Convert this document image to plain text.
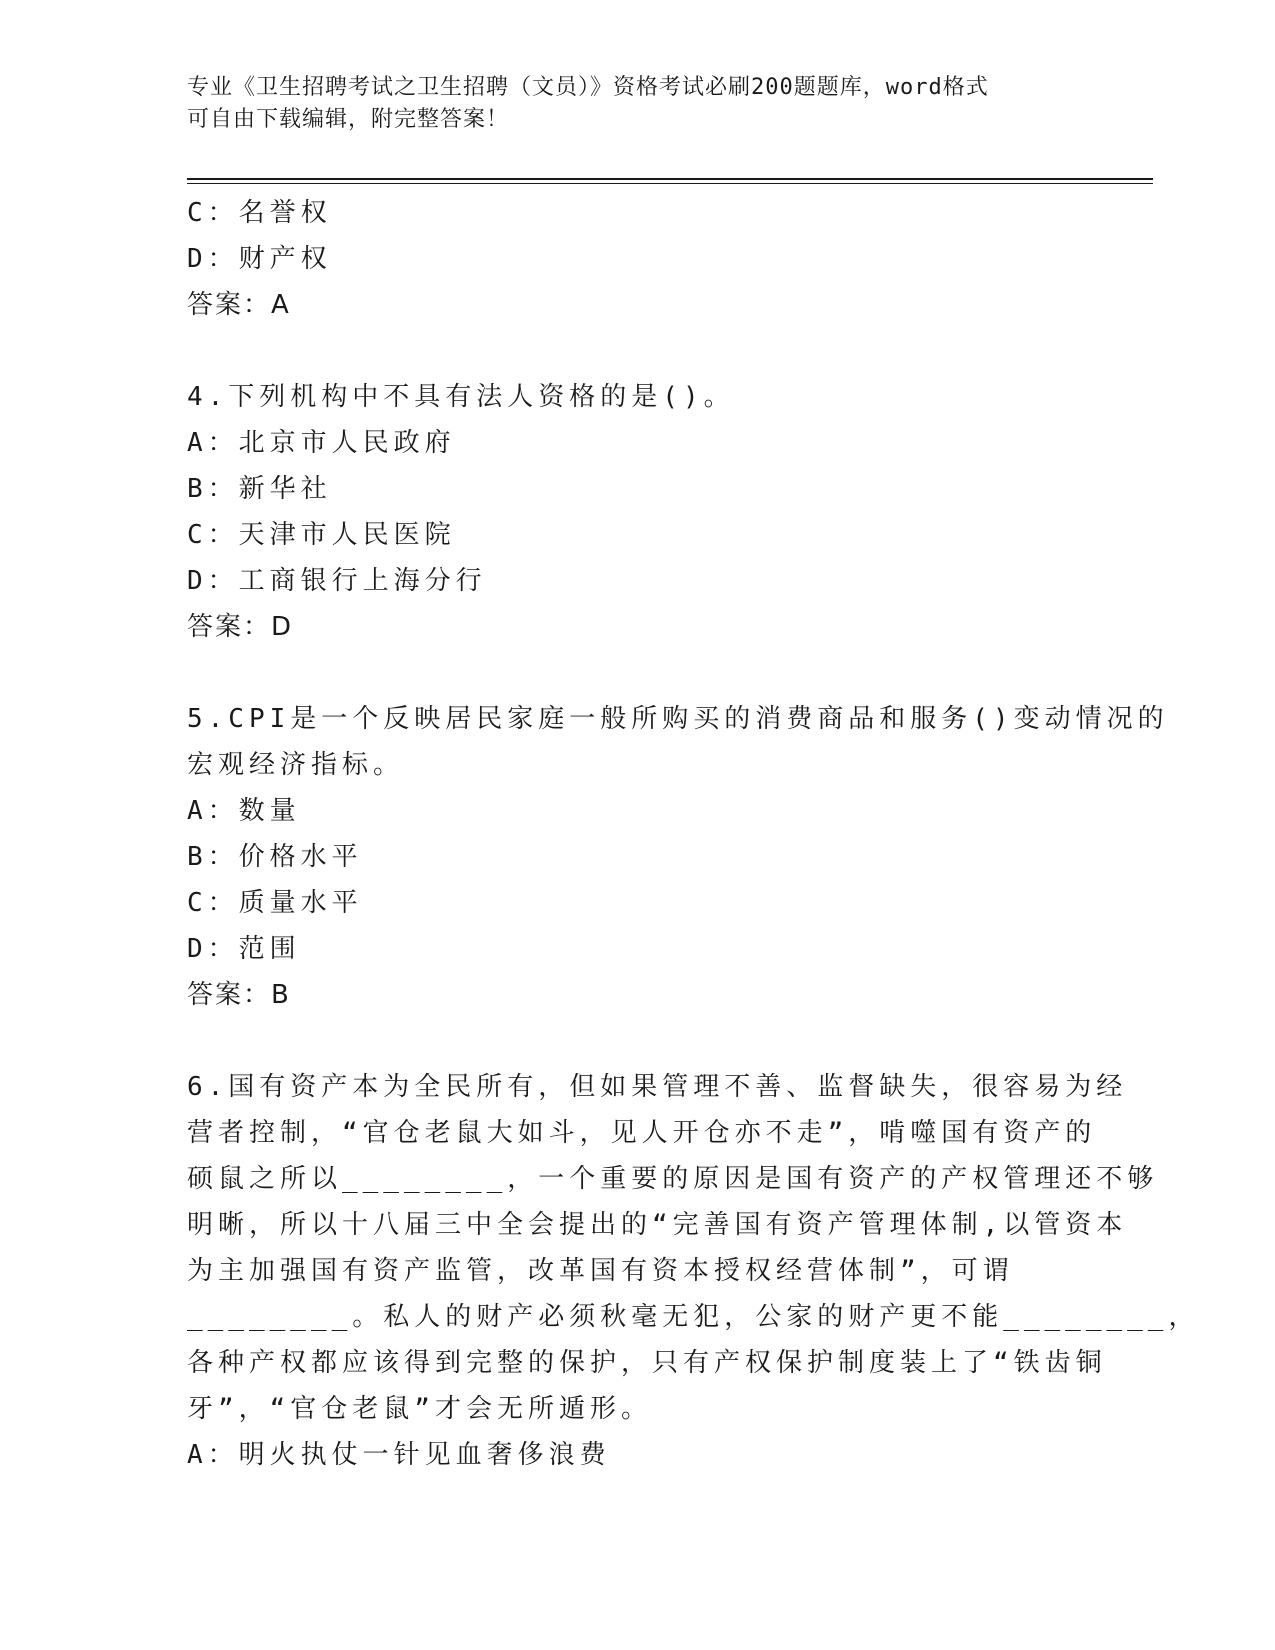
专业《卫生招聘考试之卫生招聘（文员）》资格考试必刷200题题库，word格式
可自由下载编辑，附完整答案！
C：名誉权
D：财产权
答案：A
4.下列机构中不具有法人资格的是()。
A：北京市人民政府
B：新华社
C：天津市人民医院
D：工商银行上海分行
答案：D
5.CPI是一个反映居民家庭一般所购买的消费商品和服务()变动情况的
宏观经济指标。
A：数量
B：价格水平
C：质量水平
D：范围
答案：B
6.国有资产本为全民所有，但如果管理不善、监督缺失，很容易为经
营者控制，“官仓老鼠大如斗，见人开仓亦不走”，啃噬国有资产的
硕鼠之所以________，一个重要的原因是国有资产的产权管理还不够
明晰，所以十八届三中全会提出的“完善国有资产管理体制,以管资本
为主加强国有资产监管，改革国有资本授权经营体制”，可谓
________。私人的财产必须秋毫无犯，公家的财产更不能________，
各种产权都应该得到完整的保护，只有产权保护制度装上了“铁齿铜
牙”，“官仓老鼠”才会无所遁形。
A：明火执仗一针见血奢侈浪费
